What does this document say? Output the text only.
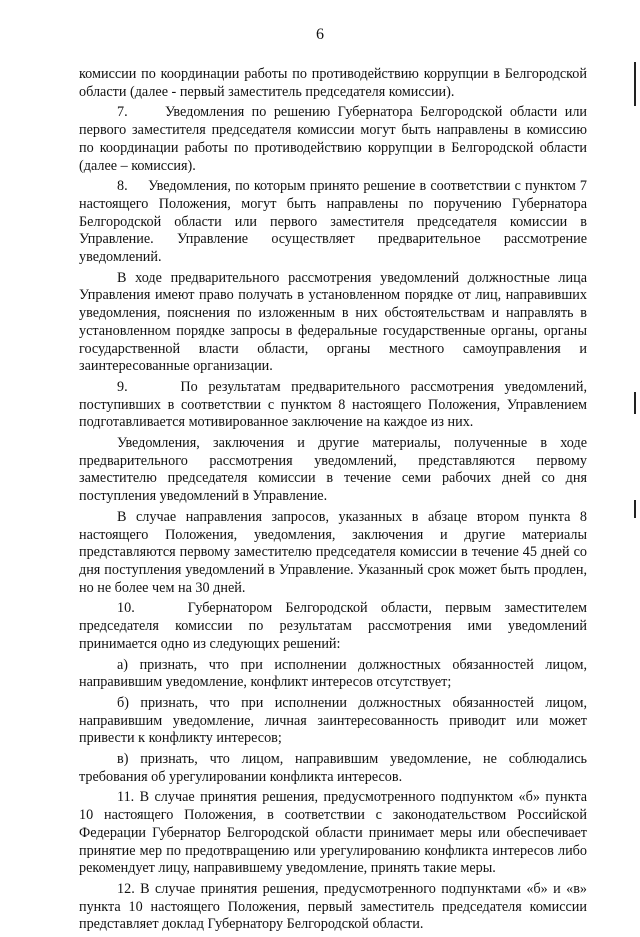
6

комиссии по координации работы по противодействию коррупции в Белгородской области (далее - первый заместитель председателя комиссии).

7.     Уведомления по решению Губернатора Белгородской области или первого заместителя председателя комиссии могут быть направлены в комиссию по координации работы по противодействию коррупции в Белгородской области (далее – комиссия).

8.     Уведомления, по которым принято решение в соответствии с пунктом 7 настоящего Положения, могут быть направлены по поручению Губернатора Белгородской области или первого заместителя председателя комиссии в Управление. Управление осуществляет предварительное рассмотрение уведомлений.

В ходе предварительного рассмотрения уведомлений должностные лица Управления имеют право получать в установленном порядке от лиц, направивших уведомления, пояснения по изложенным в них обстоятельствам и направлять в установленном порядке запросы в федеральные государственные органы, органы государственной власти области, органы местного самоуправления и заинтересованные организации.

9.     По результатам предварительного рассмотрения уведомлений, поступивших в соответствии с пунктом 8 настоящего Положения, Управлением подготавливается мотивированное заключение на каждое из них.

Уведомления, заключения и другие материалы, полученные в ходе предварительного рассмотрения уведомлений, представляются первому заместителю председателя комиссии в течение семи рабочих дней со дня поступления уведомлений в Управление.

В случае направления запросов, указанных в абзаце втором пункта 8 настоящего Положения, уведомления, заключения и другие материалы представляются первому заместителю председателя комиссии в течение 45 дней со дня поступления уведомлений в Управление. Указанный срок может быть продлен, но не более чем на 30 дней.

10.    Губернатором Белгородской области, первым заместителем председателя комиссии по результатам рассмотрения ими уведомлений принимается одно из следующих решений:

а) признать, что при исполнении должностных обязанностей лицом, направившим уведомление, конфликт интересов отсутствует;

б) признать, что при исполнении должностных обязанностей лицом, направившим уведомление, личная заинтересованность приводит или может привести к конфликту интересов;

в) признать, что лицом, направившим уведомление, не соблюдались требования об урегулировании конфликта интересов.

11. В случае принятия решения, предусмотренного подпунктом «б» пункта 10 настоящего Положения, в соответствии с законодательством Российской Федерации Губернатор Белгородской области принимает меры или обеспечивает принятие мер по предотвращению или урегулированию конфликта интересов либо рекомендует лицу, направившему уведомление, принять такие меры.

12. В случае принятия решения, предусмотренного подпунктами «б» и «в» пункта 10 настоящего Положения, первый заместитель председателя комиссии представляет доклад Губернатору Белгородской области.
